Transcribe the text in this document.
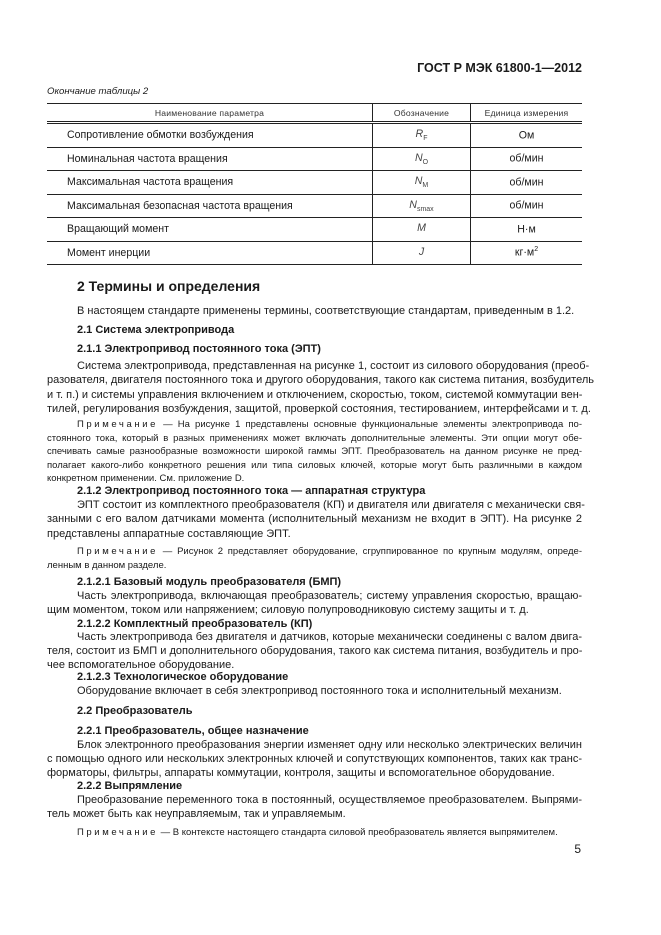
ГОСТ Р МЭК 61800-1—2012
Окончание таблицы 2
Наименование параметра	Обозначение	Единица измерения
Сопротивление обмотки возбуждения	$R_F$	Ом
Номинальная частота вращения	$N_O$	об/мин
Максимальная частота вращения	$N_M$	об/мин
Максимальная безопасная частота вращения	$N_{smax}$	об/мин
Вращающий момент	M	Н·м
Момент инерции	J	$кг\cdot м^2$
2 Термины и определения
В настоящем стандарте применены термины, соответствующие стандартам, приведенным в 1.2.
2.1 Система электропривода
2.1.1 Электропривод постоянного тока (ЭПТ)
Система электропривода, представленная на рисунке 1, состоит из силового оборудования (преоб-
разователя, двигателя постоянного тока и другого оборудования, такого как система питания, возбудитель
и т. п.) и системы управления включением и отключением, скоростью, током, системой коммутации вен-
тилей, регулирования возбуждения, защитой, проверкой состояния, тестированием, интерфейсами и т. д.
Примечание — На рисунке 1 представлены основные функциональные элементы электропривода по-
стоянного тока, который в разных применениях может включать дополнительные элементы. Эти опции могут обе-
спечивать самые разнообразные возможности широкой гаммы ЭПТ. Преобразователь на данном рисунке не пред-
полагает какого-либо конкретного решения или типа силовых ключей, которые могут быть различными в каждом
конкретном применении. См. приложение D.
2.1.2 Электропривод постоянного тока — аппаратная структура
ЭПТ состоит из комплектного преобразователя (КП) и двигателя или двигателя с механически свя-
занными с его валом датчиками момента (исполнительный механизм не входит в ЭПТ). На рисунке 2
представлены аппаратные составляющие ЭПТ.
Примечание — Рисунок 2 представляет оборудование, сгруппированное по крупным модулям, опреде-
ленным в данном разделе.
2.1.2.1 Базовый модуль преобразователя (БМП)
Часть электропривода, включающая преобразователь; систему управления скоростью, вращаю-
щим моментом, током или напряжением; силовую полупроводниковую систему защиты и т. д.
2.1.2.2 Комплектный преобразователь (КП)
Часть электропривода без двигателя и датчиков, которые механически соединены с валом двига-
теля, состоит из БМП и дополнительного оборудования, такого как система питания, возбудитель и про-
чее вспомогательное оборудование.
2.1.2.3 Технологическое оборудование
Оборудование включает в себя электропривод постоянного тока и исполнительный механизм.
2.2 Преобразователь
2.2.1 Преобразователь, общее назначение
Блок электронного преобразования энергии изменяет одну или несколько электрических величин
с помощью одного или нескольких электронных ключей и сопутствующих компонентов, таких как транс-
форматоры, фильтры, аппараты коммутации, контроля, защиты и вспомогательное оборудование.
2.2.2 Выпрямление
Преобразование переменного тока в постоянный, осуществляемое преобразователем. Выпрями-
тель может быть как неуправляемым, так и управляемым.
Примечание — В контексте настоящего стандарта силовой преобразователь является выпрямителем.
5
